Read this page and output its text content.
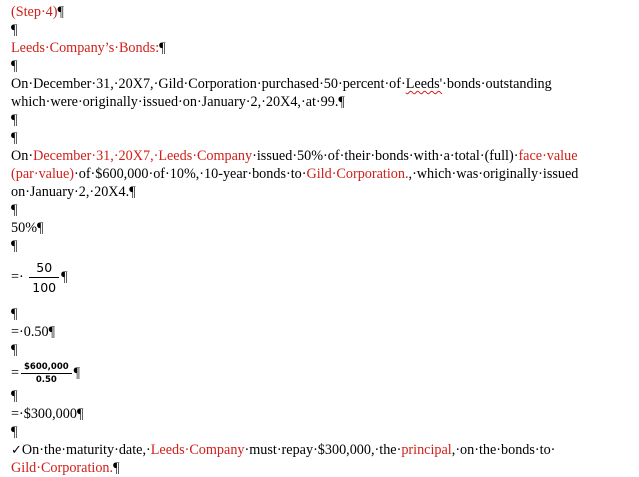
(Step·4)¶
¶
Leeds·Company’s·Bonds:¶
¶
On·December·31,·20X7,·Gild·Corporation·purchased·50·percent·of·Leeds'·bonds·outstanding
which·were·originally·issued·on·January·2,·20X4,·at·99.¶
¶
¶
On·December·31,·20X7,·Leeds·Company·issued·50%·of·their·bonds·with·a·total·(full)·face·value
(par·value)·of·$600,000·of·10%,·10-year·bonds·to·Gild·Corporation.,·which·was·originally·issued
on·January·2,·20X4.¶
¶
50%¶
¶
=· $\frac{50}{100}$ ¶
¶
=·0.50¶
¶
= $\frac{\$600,000}{0.50}$ ¶
¶
=·$300,000¶
¶
✓On·the·maturity·date,·Leeds·Company·must·repay·$300,000,·the·principal,·on·the·bonds·to·
Gild·Corporation.¶
